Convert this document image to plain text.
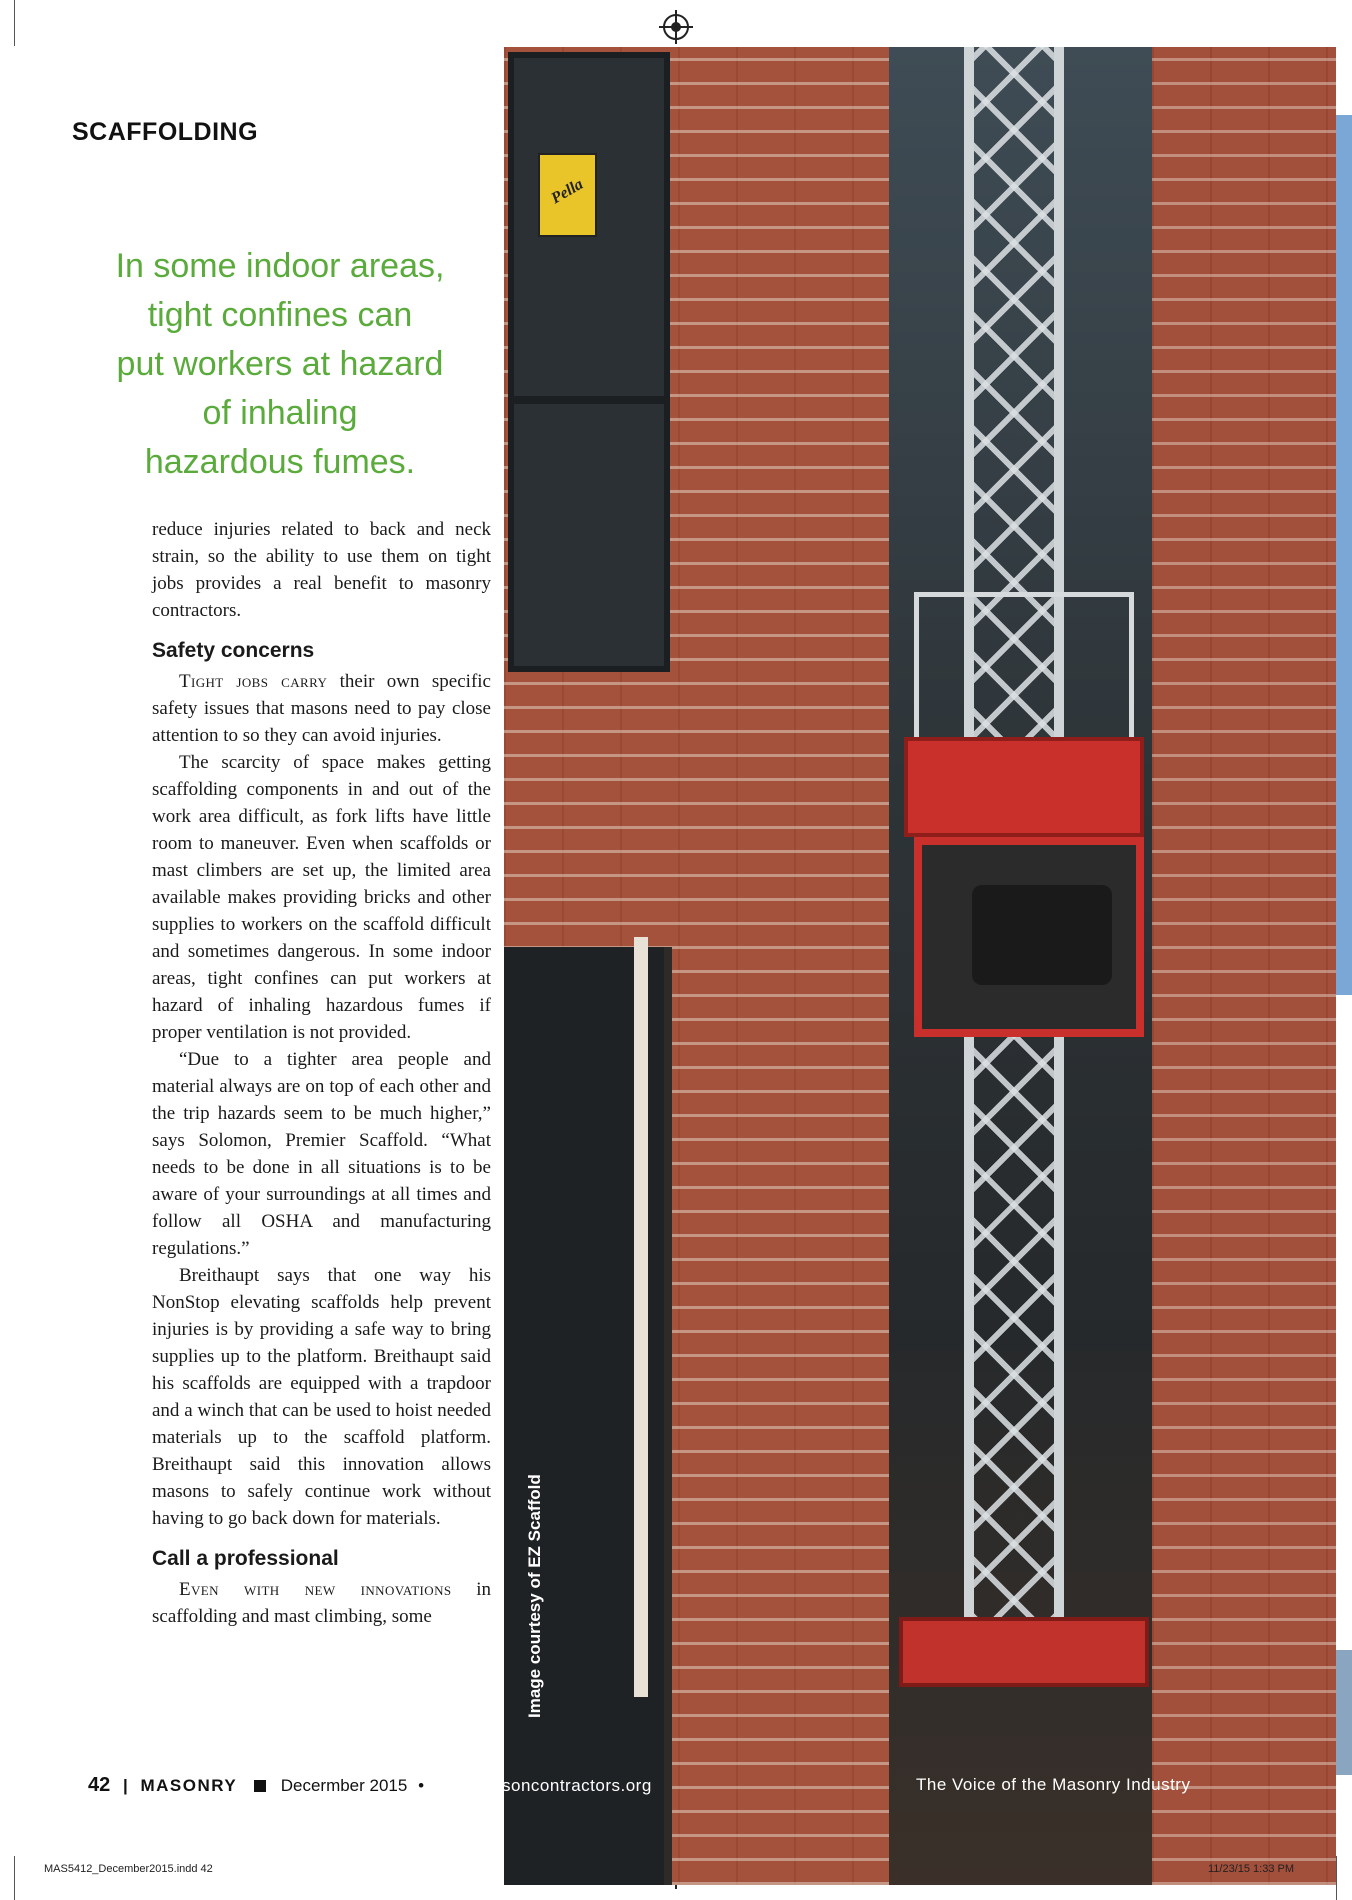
SCAFFOLDING
In some indoor areas,
tight confines can
put workers at hazard
of inhaling
hazardous fumes.

reduce injuries related to back and neck strain, so the ability to use them on tight jobs provides a real benefit to masonry contractors.

Safety concerns

Tight jobs carry their own specific safety issues that masons need to pay close attention to so they can avoid injuries.

The scarcity of space makes getting scaffolding components in and out of the work area difficult, as fork lifts have little room to maneuver. Even when scaffolds or mast climbers are set up, the limited area available makes providing bricks and other supplies to workers on the scaffold difficult and sometimes dangerous. In some indoor areas, tight confines can put workers at hazard of inhaling hazardous fumes if proper ventilation is not provided.

“Due to a tighter area people and material always are on top of each other and the trip hazards seem to be much higher,” says Solomon, Premier Scaffold. “What needs to be done in all situations is to be aware of your surroundings at all times and follow all OSHA and manufacturing regulations.”

Breithaupt says that one way his NonStop elevating scaffolds help prevent injuries is by providing a safe way to bring supplies up to the platform. Breithaupt said his scaffolds are equipped with a trapdoor and a winch that can be used to hoist needed materials up to the scaffold platform. Breithaupt said this innovation allows masons to safely continue work without having to go back down for materials.

Call a professional

Even with new innovations in scaffolding and mast climbing, some

Pella
Image courtesy of EZ Scaffold
42 | MASONRY	Decermber 2015 • www.masoncontractors.org	The Voice of the Masonry Industry
MAS5412_December2015.indd 42	11/23/15 1:33 PM
